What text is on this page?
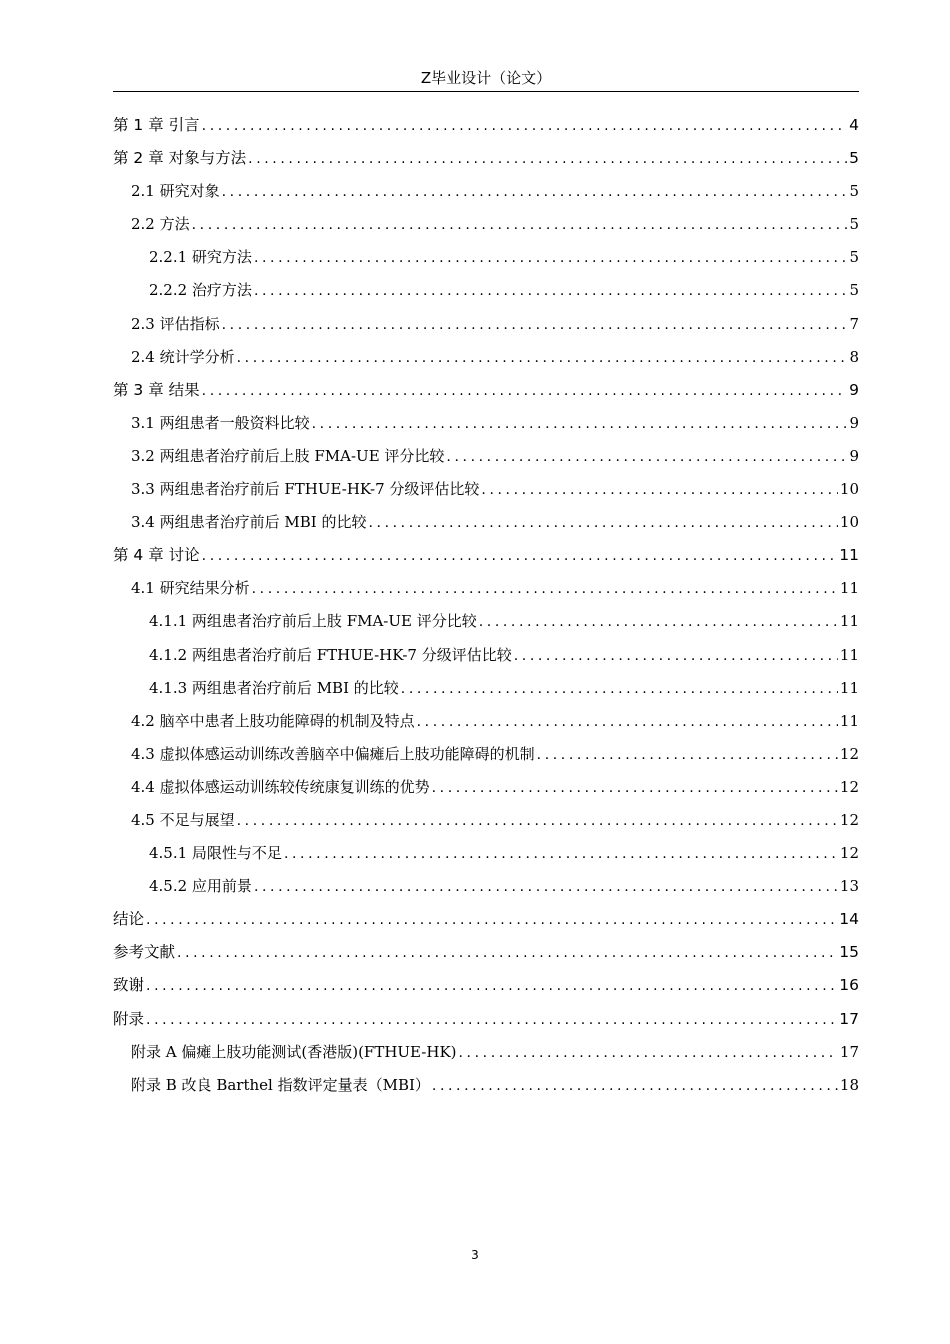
Z毕业设计（论文）
第 1 章 引言 .....	4
第 2 章 对象与方法 .....	5
2.1 研究对象 .....	5
2.2 方法 .....	5
2.2.1 研究方法 .....	5
2.2.2 治疗方法 .....	5
2.3 评估指标 .....	7
2.4 统计学分析 .....	8
第 3 章 结果 .....	9
3.1 两组患者一般资料比较 .....	9
3.2 两组患者治疗前后上肢 FMA-UE 评分比较 .....	9
3.3 两组患者治疗前后 FTHUE-HK-7 分级评估比较 .....	10
3.4 两组患者治疗前后 MBI 的比较 .....	10
第 4 章 讨论 .....	11
4.1 研究结果分析 .....	11
4.1.1 两组患者治疗前后上肢 FMA-UE 评分比较 .....	11
4.1.2 两组患者治疗前后 FTHUE-HK-7 分级评估比较 .....	11
4.1.3 两组患者治疗前后 MBI 的比较 .....	11
4.2 脑卒中患者上肢功能障碍的机制及特点 .....	11
4.3 虚拟体感运动训练改善脑卒中偏瘫后上肢功能障碍的机制 .....	12
4.4 虚拟体感运动训练较传统康复训练的优势 .....	12
4.5 不足与展望 .....	12
4.5.1 局限性与不足 .....	12
4.5.2 应用前景 .....	13
结论 .....	14
参考文献 .....	15
致谢 .....	16
附录 .....	17
附录 A 偏瘫上肢功能测试(香港版)(FTHUE-HK) .....	17
附录 B 改良 Barthel 指数评定量表（MBI） .....	18
3
